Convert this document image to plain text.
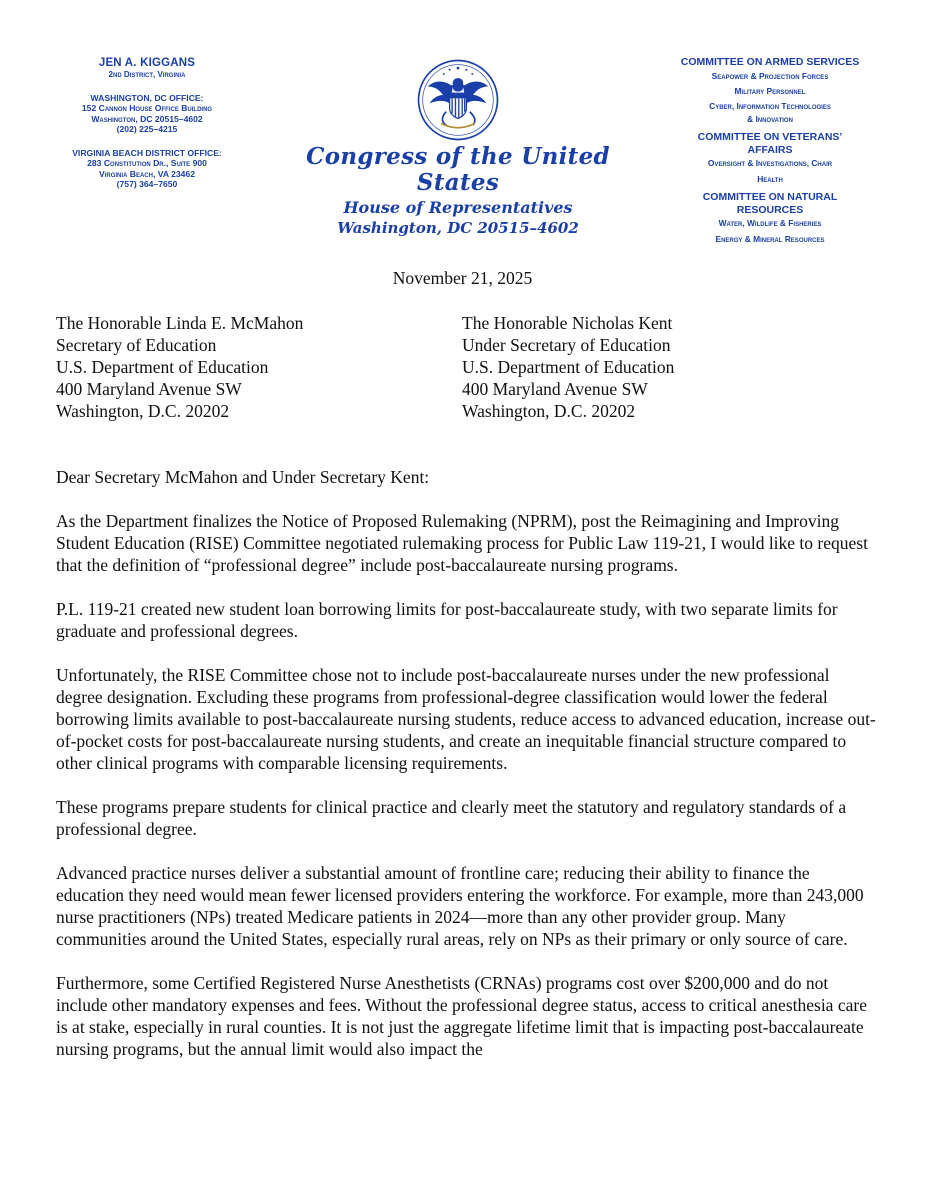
JEN A. KIGGANS
2nd District, Virginia
WASHINGTON, DC OFFICE:
152 Cannon House Office Building
Washington, DC 20515–4602
(202) 225–4215
VIRGINIA BEACH DISTRICT OFFICE:
283 Constitution Dr., Suite 900
Virginia Beach, VA 23462
(757) 364–7650
Congress of the United States
House of Representatives
Washington, DC 20515–4602
COMMITTEE ON ARMED SERVICES
Seapower & Projection Forces
Military Personnel
Cyber, Information Technologies
& Innovation
COMMITTEE ON VETERANS’
AFFAIRS
Oversight & Investigations, Chair
Health
COMMITTEE ON NATURAL
RESOURCES
Water, Wildlife & Fisheries
Energy & Mineral Resources
November 21, 2025
The Honorable Linda E. McMahon
Secretary of Education
U.S. Department of Education
400 Maryland Avenue SW
Washington, D.C. 20202
The Honorable Nicholas Kent
Under Secretary of Education
U.S. Department of Education
400 Maryland Avenue SW
Washington, D.C. 20202

Dear Secretary McMahon and Under Secretary Kent:

As the Department finalizes the Notice of Proposed Rulemaking (NPRM), post the Reimagining and Improving Student Education (RISE) Committee negotiated rulemaking process for Public Law 119-21, I would like to request that the definition of “professional degree” include post-baccalaureate nursing programs.

P.L. 119-21 created new student loan borrowing limits for post-baccalaureate study, with two separate limits for graduate and professional degrees.

Unfortunately, the RISE Committee chose not to include post-baccalaureate nurses under the new professional degree designation. Excluding these programs from professional-degree classification would lower the federal borrowing limits available to post-baccalaureate nursing students, reduce access to advanced education, increase out-of-pocket costs for post-baccalaureate nursing students, and create an inequitable financial structure compared to other clinical programs with comparable licensing requirements.

These programs prepare students for clinical practice and clearly meet the statutory and regulatory standards of a professional degree.

Advanced practice nurses deliver a substantial amount of frontline care; reducing their ability to finance the education they need would mean fewer licensed providers entering the workforce. For example, more than 243,000 nurse practitioners (NPs) treated Medicare patients in 2024—more than any other provider group. Many communities around the United States, especially rural areas, rely on NPs as their primary or only source of care.

Furthermore, some Certified Registered Nurse Anesthetists (CRNAs) programs cost over $200,000 and do not include other mandatory expenses and fees. Without the professional degree status, access to critical anesthesia care is at stake, especially in rural counties. It is not just the aggregate lifetime limit that is impacting post-baccalaureate nursing programs, but the annual limit would also impact the
